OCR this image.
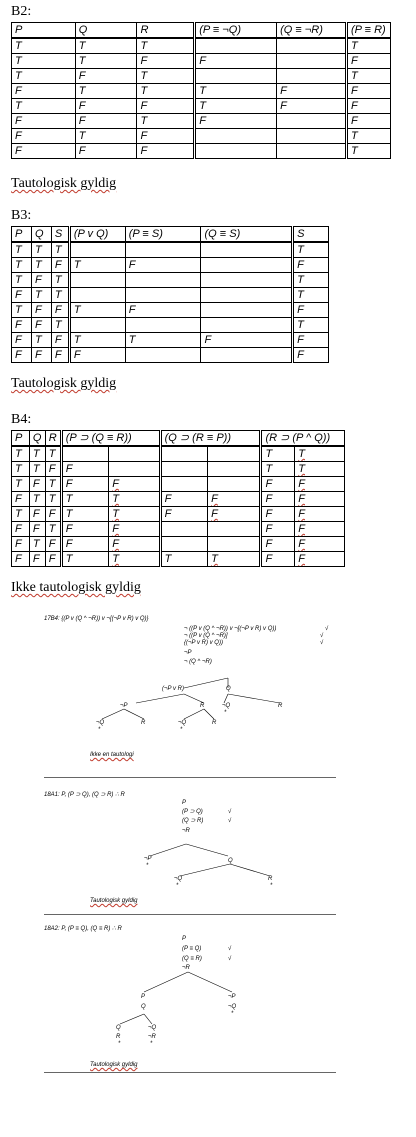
B2:
P	Q	R	(P ≡ ¬Q)	(Q ≡ ¬R)	(P ≡ R)
T	T	T			T
T	T	F	F		F
T	F	T			T
F	T	T	T	F	F
T	F	F	T	F	F
F	F	T	F		F
F	T	F			T
F	F	F			T
Tautologisk gyldig
B3:
P	Q	S	(P v Q)	(P ≡ S)	(Q ≡ S)	S
T	T	T				T
T	T	F	T	F		F
T	F	T				T
F	T	T				T
T	F	F	T	F		F
F	F	T				T
F	T	F	T	T	F	F
F	F	F	F			F
Tautologisk gyldig
B4:
P	Q	R	(P ⊃ (Q ≡ R))		(Q ⊃ (R ≡ P))		(R ⊃ (P ^ Q))	
T	T	T					T	T
T	T	F	F				T	T
T	F	T	F	F			F	F
F	T	T	T	T	F	F	F	F
T	F	F	T	T	F	F	F	F
F	F	T	F	F			F	F
F	T	F	F	F			F	F
F	F	F	T	T	T	T	F	F
Ikke tautologisk gyldig
17B4: {(P v (Q ^ ¬R)) v ¬[(¬P v R) v Q)}
¬ ((P v (Q ^ ¬R)) v ¬[(¬P v R) v Q))	√
¬ ((P v (Q ^ ¬R)]	√
{(¬P v R) v Q))	√
¬P
¬ (Q ^ ¬R)
(¬P v R)	Q
¬P	R	¬Q	R
*
¬Q	R	¬Q	R
*	*
Ikke en tautologi
18A1: P, (P ⊃ Q), (Q ⊃ R) ∴ R
P
(P ⊃ Q)	√
(Q ⊃ R)	√
¬R
¬P	Q
*
¬Q	R
*	*
Tautologisk gyldig
18A2: P, (P ≡ Q), (Q ≡ R) ∴ R
P
(P ≡ Q)	√
(Q ≡ R)	√
¬R
P
Q
¬P
¬Q
*
Q
R
*
¬Q
¬R
*
Tautologisk gyldig
